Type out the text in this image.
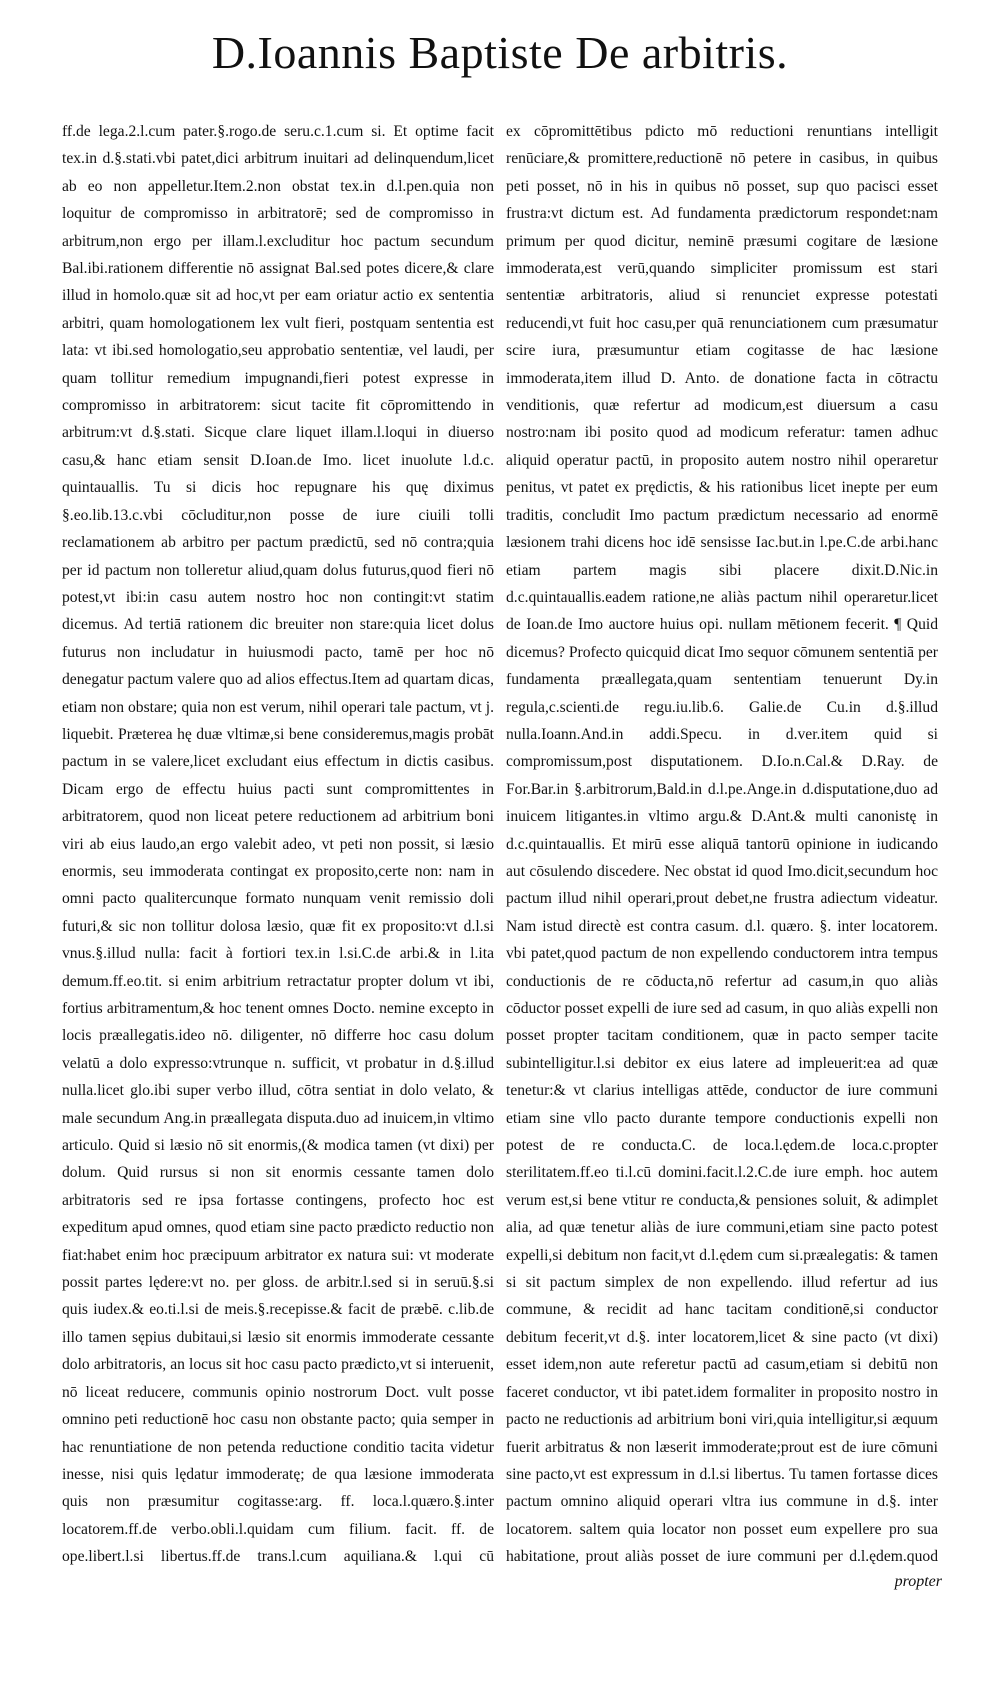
D.Ioannis Baptiste De arbitris.

ff.de lega.2.l.cum pater.§.rogo.de seru.c.1.cum si. Et optime facit tex.in d.§.stati.vbi patet,dici arbitrum inuitari ad delinquendum,licet ab eo non appelletur.Item.2.non obstat tex.in d.l.pen.quia non loquitur de compromisso in arbitratorē; sed de compromisso in arbitrum,non ergo per illam.l.excluditur hoc pactum secundum Bal.ibi.rationem differentie nō assignat Bal.sed potes dicere,& clare illud in homolo.quæ sit ad hoc,vt per eam oriatur actio ex sententia arbitri, quam homologationem lex vult fieri, postquam sententia est lata: vt ibi.sed homologatio,seu approbatio sententiæ, vel laudi, per quam tollitur remedium impugnandi,fieri potest expresse in compromisso in arbitratorem: sicut tacite fit cōpromittendo in arbitrum:vt d.§.stati. Sicque clare liquet illam.l.loqui in diuerso casu,& hanc etiam sensit D.Ioan.de Imo. licet inuolute l.d.c. quintauallis. Tu si dicis hoc repugnare his quę diximus §.eo.lib.13.c.vbi cōcluditur,non posse de iure ciuili tolli reclamationem ab arbitro per pactum prædictū, sed nō contra;quia per id pactum non tolleretur aliud,quam dolus futurus,quod fieri nō potest,vt ibi:in casu autem nostro hoc non contingit:vt statim dicemus. Ad tertiā rationem dic breuiter non stare:quia licet dolus futurus non includatur in huiusmodi pacto, tamē per hoc nō denegatur pactum valere quo ad alios effectus.Item ad quartam dicas, etiam non obstare; quia non est verum, nihil operari tale pactum, vt j. liquebit. Præterea hę duæ vltimæ,si bene consideremus,magis probāt pactum in se valere,licet excludant eius effectum in dictis casibus. Dicam ergo de effectu huius pacti sunt compromittentes in arbitratorem, quod non liceat petere reductionem ad arbitrium boni viri ab eius laudo,an ergo valebit adeo, vt peti non possit, si læsio enormis, seu immoderata contingat ex proposito,certe non: nam in omni pacto qualitercunque formato nunquam venit remissio doli futuri,& sic non tollitur dolosa læsio, quæ fit ex proposito:vt d.l.si vnus.§.illud nulla: facit à fortiori tex.in l.si.C.de arbi.& in l.ita demum.ff.eo.tit. si enim arbitrium retractatur propter dolum vt ibi, fortius arbitramentum,& hoc tenent omnes Docto. nemine excepto in locis præallegatis.ideo nō. diligenter, nō differre hoc casu dolum velatū a dolo expresso:vtrunque n. sufficit, vt probatur in d.§.illud nulla.licet glo.ibi super verbo illud, cōtra sentiat in dolo velato, & male secundum Ang.in præallegata disputa.duo ad inuicem,in vltimo articulo. Quid si læsio nō sit enormis,(& modica tamen (vt dixi) per dolum. Quid rursus si non sit enormis cessante tamen dolo arbitratoris sed re ipsa fortasse contingens, profecto hoc est expeditum apud omnes, quod etiam sine pacto prædicto reductio non fiat:habet enim hoc præcipuum arbitrator ex natura sui: vt moderate possit partes lędere:vt no. per gloss. de arbitr.l.sed si in seruū.§.si quis iudex.& eo.ti.l.si de meis.§.recepisse.& facit de præbē. c.lib.de illo tamen sępius dubitaui,si læsio sit enormis immoderate cessante dolo arbitratoris, an locus sit hoc casu pacto prædicto,vt si interuenit, nō liceat reducere, communis opinio nostrorum Doct. vult posse omnino peti reductionē hoc casu non obstante pacto; quia semper in hac renuntiatione de non petenda reductione conditio tacita videtur inesse, nisi quis lędatur immoderatę; de qua læsione immoderata quis non præsumitur cogitasse:arg. ff. loca.l.quæro.§.inter locatorem.ff.de verbo.obli.l.quidam cum filium. facit. ff. de ope.libert.l.si libertus.ff.de trans.l.cum aquiliana.& l.qui cū

ex cōpromittētibus pdicto mō reductioni renuntians intelligit renūciare,& promittere,reductionē nō petere in casibus, in quibus peti posset, nō in his in quibus nō posset, sup quo pacisci esset frustra:vt dictum est. Ad fundamenta prædictorum respondet:nam primum per quod dicitur, neminē præsumi cogitare de læsione immoderata,est verū,quando simpliciter promissum est stari sententiæ arbitratoris, aliud si renunciet expresse potestati reducendi,vt fuit hoc casu,per quā renunciationem cum præsumatur scire iura, præsumuntur etiam cogitasse de hac læsione immoderata,item illud D. Anto. de donatione facta in cōtractu venditionis, quæ refertur ad modicum,est diuersum a casu nostro:nam ibi posito quod ad modicum referatur: tamen adhuc aliquid operatur pactū, in proposito autem nostro nihil operaretur penitus, vt patet ex prędictis, & his rationibus licet inepte per eum traditis, concludit Imo pactum prædictum necessario ad enormē læsionem trahi dicens hoc idē sensisse Iac.but.in l.pe.C.de arbi.hanc etiam partem magis sibi placere dixit.D.Nic.in d.c.quintauallis.eadem ratione,ne aliàs pactum nihil operaretur.licet de Ioan.de Imo auctore huius opi. nullam mētionem fecerit. ¶ Quid dicemus? Profecto quicquid dicat Imo sequor cōmunem sententiā per fundamenta præallegata,quam sententiam tenuerunt Dy.in regula,c.scienti.de regu.iu.lib.6. Galie.de Cu.in d.§.illud nulla.Ioann.And.in addi.Specu. in d.ver.item quid si compromissum,post disputationem. D.Io.n.Cal.& D.Ray. de For.Bar.in §.arbitrorum,Bald.in d.l.pe.Ange.in d.disputatione,duo ad inuicem litigantes.in vltimo argu.& D.Ant.& multi canonistę in d.c.quintauallis. Et mirū esse aliquā tantorū opinione in iudicando aut cōsulendo discedere. Nec obstat id quod Imo.dicit,secundum hoc pactum illud nihil operari,prout debet,ne frustra adiectum videatur. Nam istud directè est contra casum. d.l. quæro. §. inter locatorem. vbi patet,quod pactum de non expellendo conductorem intra tempus conductionis de re cōducta,nō refertur ad casum,in quo aliàs cōductor posset expelli de iure sed ad casum, in quo aliàs expelli non posset propter tacitam conditionem, quæ in pacto semper tacite subintelligitur.l.si debitor ex eius latere ad impleuerit:ea ad quæ tenetur:& vt clarius intelligas attēde, conductor de iure communi etiam sine vllo pacto durante tempore conductionis expelli non potest de re conducta.C. de loca.l.ędem.de loca.c.propter sterilitatem.ff.eo ti.l.cū domini.facit.l.2.C.de iure emph. hoc autem verum est,si bene vtitur re conducta,& pensiones soluit, & adimplet alia, ad quæ tenetur aliàs de iure communi,etiam sine pacto potest expelli,si debitum non facit,vt d.l.ędem cum si.præalegatis: & tamen si sit pactum simplex de non expellendo. illud refertur ad ius commune, & recidit ad hanc tacitam conditionē,si conductor debitum fecerit,vt d.§. inter locatorem,licet & sine pacto (vt dixi) esset idem,non aute referetur pactū ad casum,etiam si debitū non faceret conductor, vt ibi patet.idem formaliter in proposito nostro in pacto ne reductionis ad arbitrium boni viri,quia intelligitur,si æquum fuerit arbitratus & non læserit immoderate;prout est de iure cōmuni sine pacto,vt est expressum in d.l.si libertus. Tu tamen fortasse dices pactum omnino aliquid operari vltra ius commune in d.§. inter locatorem. saltem quia locator non posset eum expellere pro sua habitatione, prout aliàs posset de iure communi per d.l.ędem.quod

propter
